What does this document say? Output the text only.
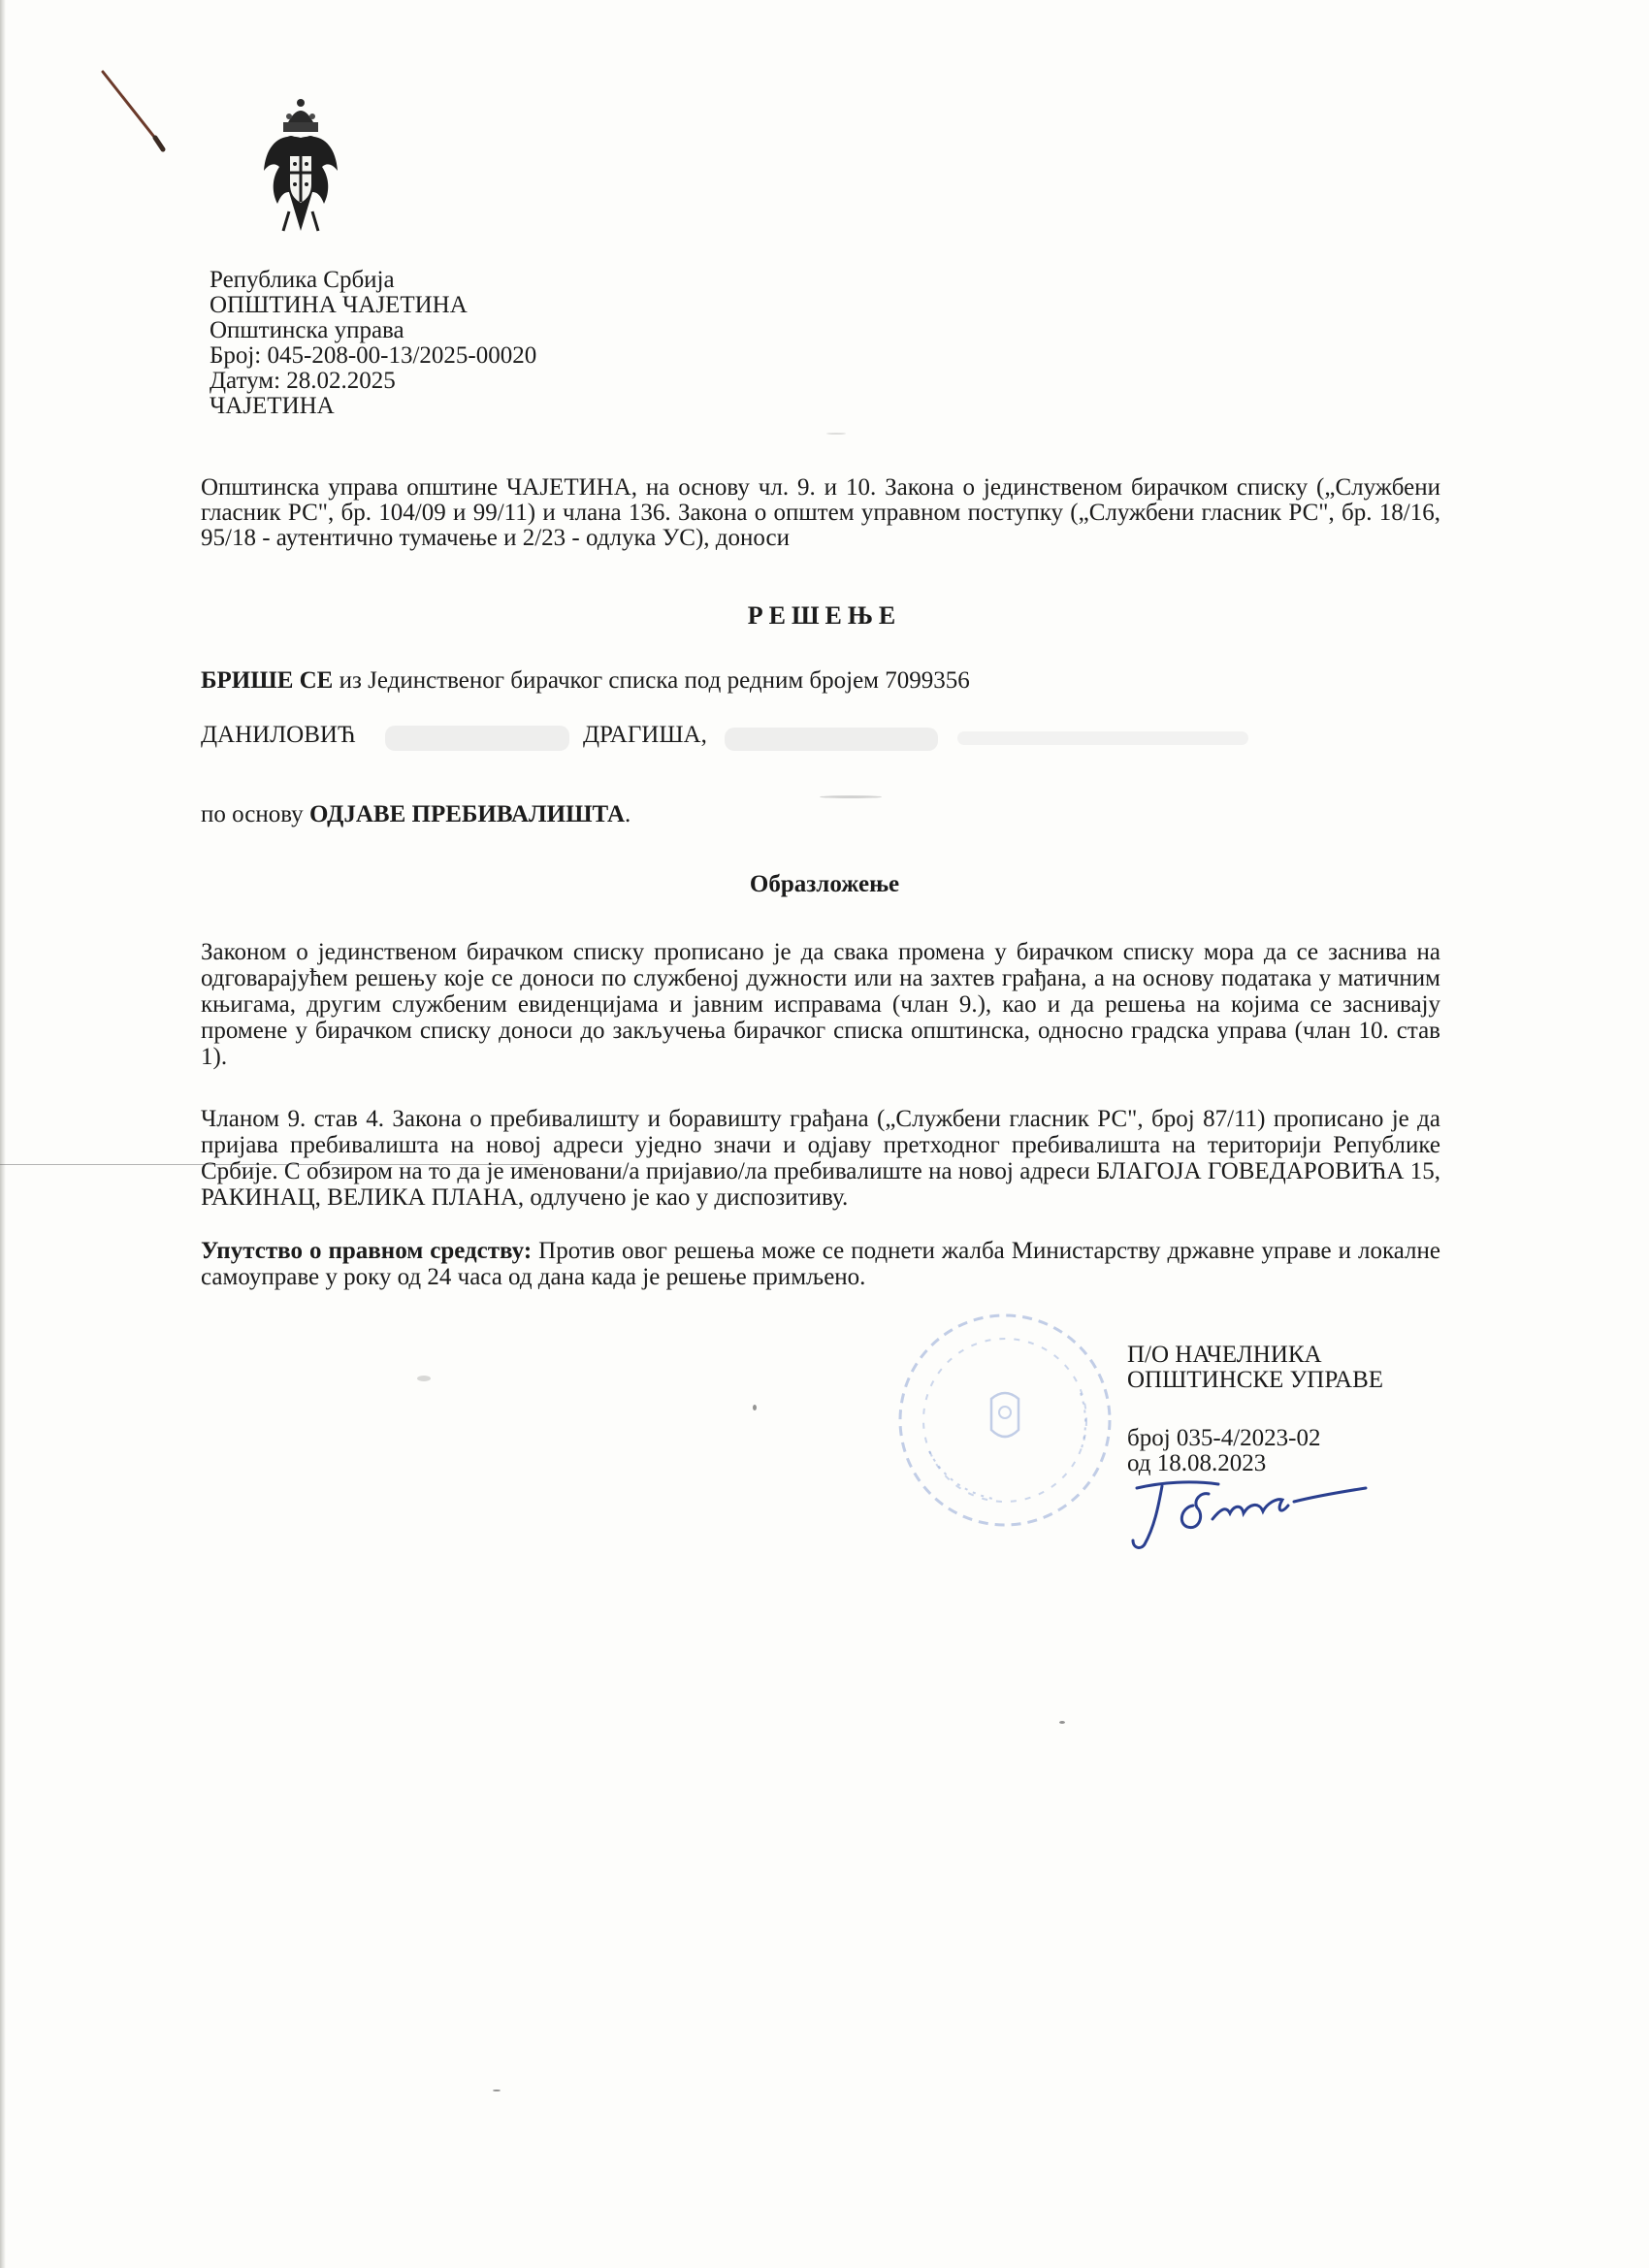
Република Србија
ОПШТИНА ЧАЈЕТИНА
Општинска управа
Број: 045-208-00-13/2025-00020
Датум: 28.02.2025
ЧАЈЕТИНА
Општинска управа општине ЧАЈЕТИНА, на основу чл. 9. и 10. Закона о јединственом бирачком списку („Службени гласник РС", бр. 104/09 и 99/11) и члана 136. Закона о општем управном поступку („Службени гласник РС", бр. 18/16, 95/18 - аутентично тумачење и 2/23 - одлука УС), доноси
РЕШЕЊЕ
БРИШЕ СЕ из Јединственог бирачког списка под редним бројем 7099356
ДАНИЛОВИЋ	ДРАГИША,
по основу ОДЈАВЕ ПРЕБИВАЛИШТА.
Образложење
Законом о јединственом бирачком списку прописано је да свака промена у бирачком списку мора да се заснива на одговарајућем решењу које се доноси по службеној дужности или на захтев грађана, а на основу података у матичним књигама, другим службеним евиденцијама и јавним исправама (члан 9.), као и да решења на којима се заснивају промене у бирачком списку доноси до закључења бирачког списка општинска, односно градска управа (члан 10. став 1).
Чланом 9. став 4. Закона о пребивалишту и боравишту грађана („Службени гласник РС", број 87/11) прописано је да пријава пребивалишта на новој адреси уједно значи и одјаву претходног пребивалишта на територији Републике Србије. С обзиром на то да је именовани/а пријавио/ла пребивалиште на новој адреси БЛАГОЈА ГОВЕДАРОВИЋА 15, РАКИНАЦ, ВЕЛИКА ПЛАНА, одлучено је као у диспозитиву.
Упутство о правном средству: Против овог решења може се поднети жалба Министарству државне управе и локалне самоуправе у року од 24 часа од дана када је решење примљено.
П/О НАЧЕЛНИКА
ОПШТИНСКЕ УПРАВЕ
број 035-4/2023-02
од 18.08.2023
